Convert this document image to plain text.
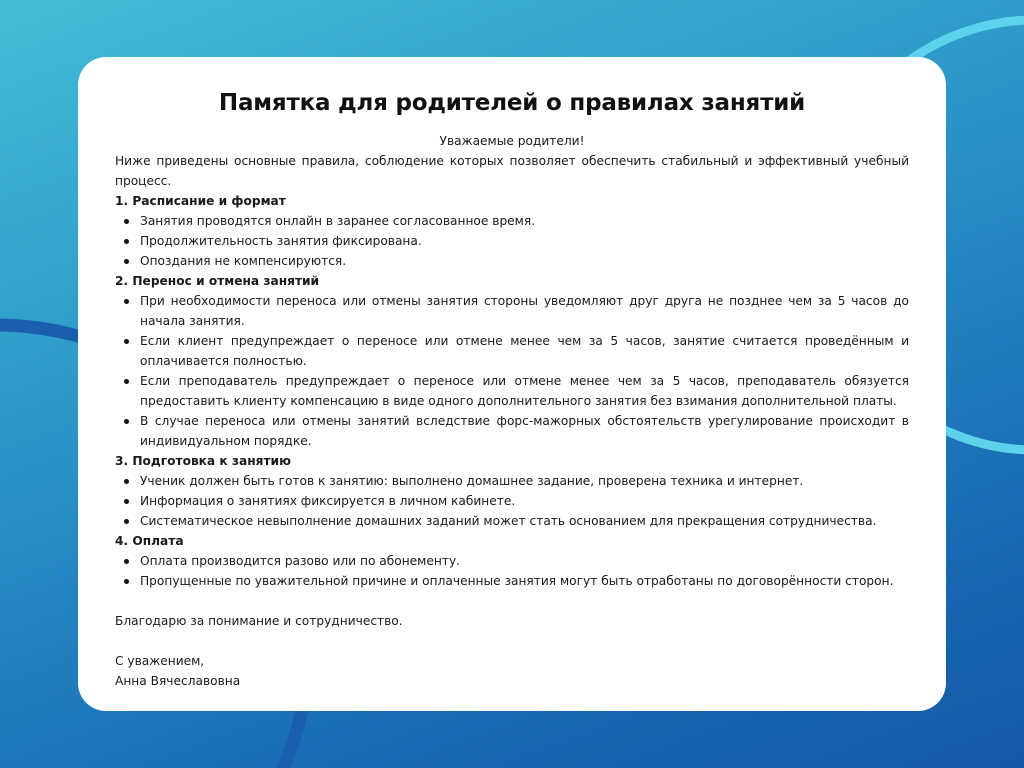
Памятка для родителей о правилах занятий

Уважаемые родители!

Ниже приведены основные правила, соблюдение которых позволяет обеспечить стабильный и эффективный учебный процесс.

1. Расписание и формат

Занятия проводятся онлайн в заранее согласованное время.
Продолжительность занятия фиксирована.
Опоздания не компенсируются.

2. Перенос и отмена занятий

При необходимости переноса или отмены занятия стороны уведомляют друг друга не позднее чем за 5 часов до начала занятия.
Если клиент предупреждает о переносе или отмене менее чем за 5 часов, занятие считается проведённым и оплачивается полностью.
Если преподаватель предупреждает о переносе или отмене менее чем за 5 часов, преподаватель обязуется предоставить клиенту компенсацию в виде одного дополнительного занятия без взимания дополнительной платы.
В случае переноса или отмены занятий вследствие форс-мажорных обстоятельств урегулирование происходит в индивидуальном порядке.

3. Подготовка к занятию

Ученик должен быть готов к занятию: выполнено домашнее задание, проверена техника и интернет.
Информация о занятиях фиксируется в личном кабинете.
Систематическое невыполнение домашних заданий может стать основанием для прекращения сотрудничества.

4. Оплата

Оплата производится разово или по абонементу.
Пропущенные по уважительной причине и оплаченные занятия могут быть отработаны по договорённости сторон.

Благодарю за понимание и сотрудничество.

С уважением,

Анна Вячеславовна
